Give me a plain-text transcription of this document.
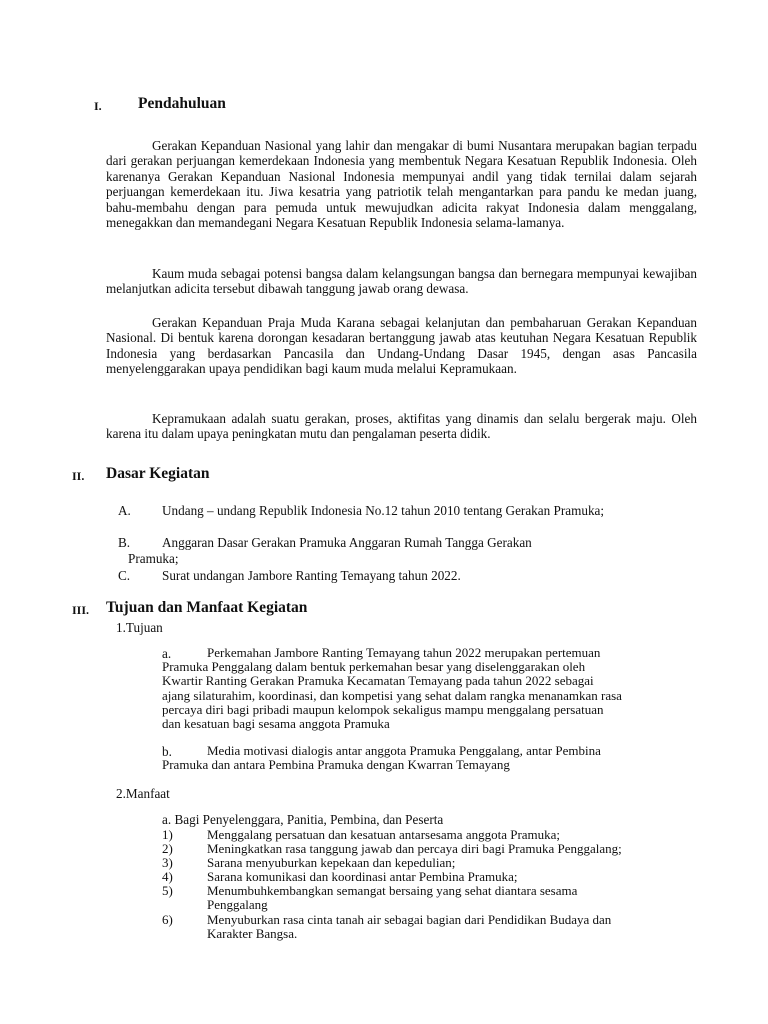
I. Pendahuluan
Gerakan Kepanduan Nasional yang lahir dan mengakar di bumi Nusantara merupakan bagian terpadu dari gerakan perjuangan kemerdekaan Indonesia yang membentuk Negara Kesatuan Republik Indonesia. Oleh karenanya Gerakan Kepanduan Nasional Indonesia mempunyai andil yang tidak ternilai dalam sejarah perjuangan kemerdekaan itu. Jiwa kesatria yang patriotik telah mengantarkan para pandu ke medan juang, bahu-membahu dengan para pemuda untuk mewujudkan adicita rakyat Indonesia dalam menggalang, menegakkan dan memandegani Negara Kesatuan Republik Indonesia selama-lamanya.
Kaum muda sebagai potensi bangsa dalam kelangsungan bangsa dan bernegara mempunyai kewajiban melanjutkan adicita tersebut dibawah tanggung jawab orang dewasa.
Gerakan Kepanduan Praja Muda Karana sebagai kelanjutan dan pembaharuan Gerakan Kepanduan Nasional. Di bentuk karena dorongan kesadaran bertanggung jawab atas keutuhan Negara Kesatuan Republik Indonesia yang berdasarkan Pancasila dan Undang-Undang Dasar 1945, dengan asas Pancasila menyelenggarakan upaya pendidikan bagi kaum muda melalui Kepramukaan.
Kepramukaan adalah suatu gerakan, proses, aktifitas yang dinamis dan selalu bergerak maju. Oleh karena itu dalam upaya peningkatan mutu dan pengalaman peserta didik.
II. Dasar Kegiatan
A. Undang – undang Republik Indonesia No.12 tahun 2010 tentang Gerakan Pramuka;
B. Anggaran Dasar Gerakan Pramuka Anggaran Rumah Tangga Gerakan
Pramuka;
C. Surat undangan Jambore Ranting Temayang tahun 2022.
III. Tujuan dan Manfaat Kegiatan
1.Tujuan
a.	Perkemahan Jambore Ranting Temayang tahun 2022 merupakan pertemuan
Pramuka Penggalang dalam bentuk perkemahan besar yang diselenggarakan oleh
Kwartir Ranting Gerakan Pramuka Kecamatan Temayang pada tahun 2022 sebagai
ajang silaturahim, koordinasi, dan kompetisi yang sehat dalam rangka menanamkan rasa
percaya diri bagi pribadi maupun kelompok sekaligus mampu menggalang persatuan
dan kesatuan bagi sesama anggota Pramuka
b.	Media motivasi dialogis antar anggota Pramuka Penggalang, antar Pembina
Pramuka dan antara Pembina Pramuka dengan Kwarran Temayang
2.Manfaat
a. Bagi Penyelenggara, Panitia, Pembina, dan Peserta
1)	Menggalang persatuan dan kesatuan antarsesama anggota Pramuka;
2)	Meningkatkan rasa tanggung jawab dan percaya diri bagi Pramuka Penggalang;
3)	Sarana menyuburkan kepekaan dan kepedulian;
4)	Sarana komunikasi dan koordinasi antar Pembina Pramuka;
5)	Menumbuhkembangkan semangat bersaing yang sehat diantara sesama
Penggalang
6)	Menyuburkan rasa cinta tanah air sebagai bagian dari Pendidikan Budaya dan
Karakter Bangsa.
